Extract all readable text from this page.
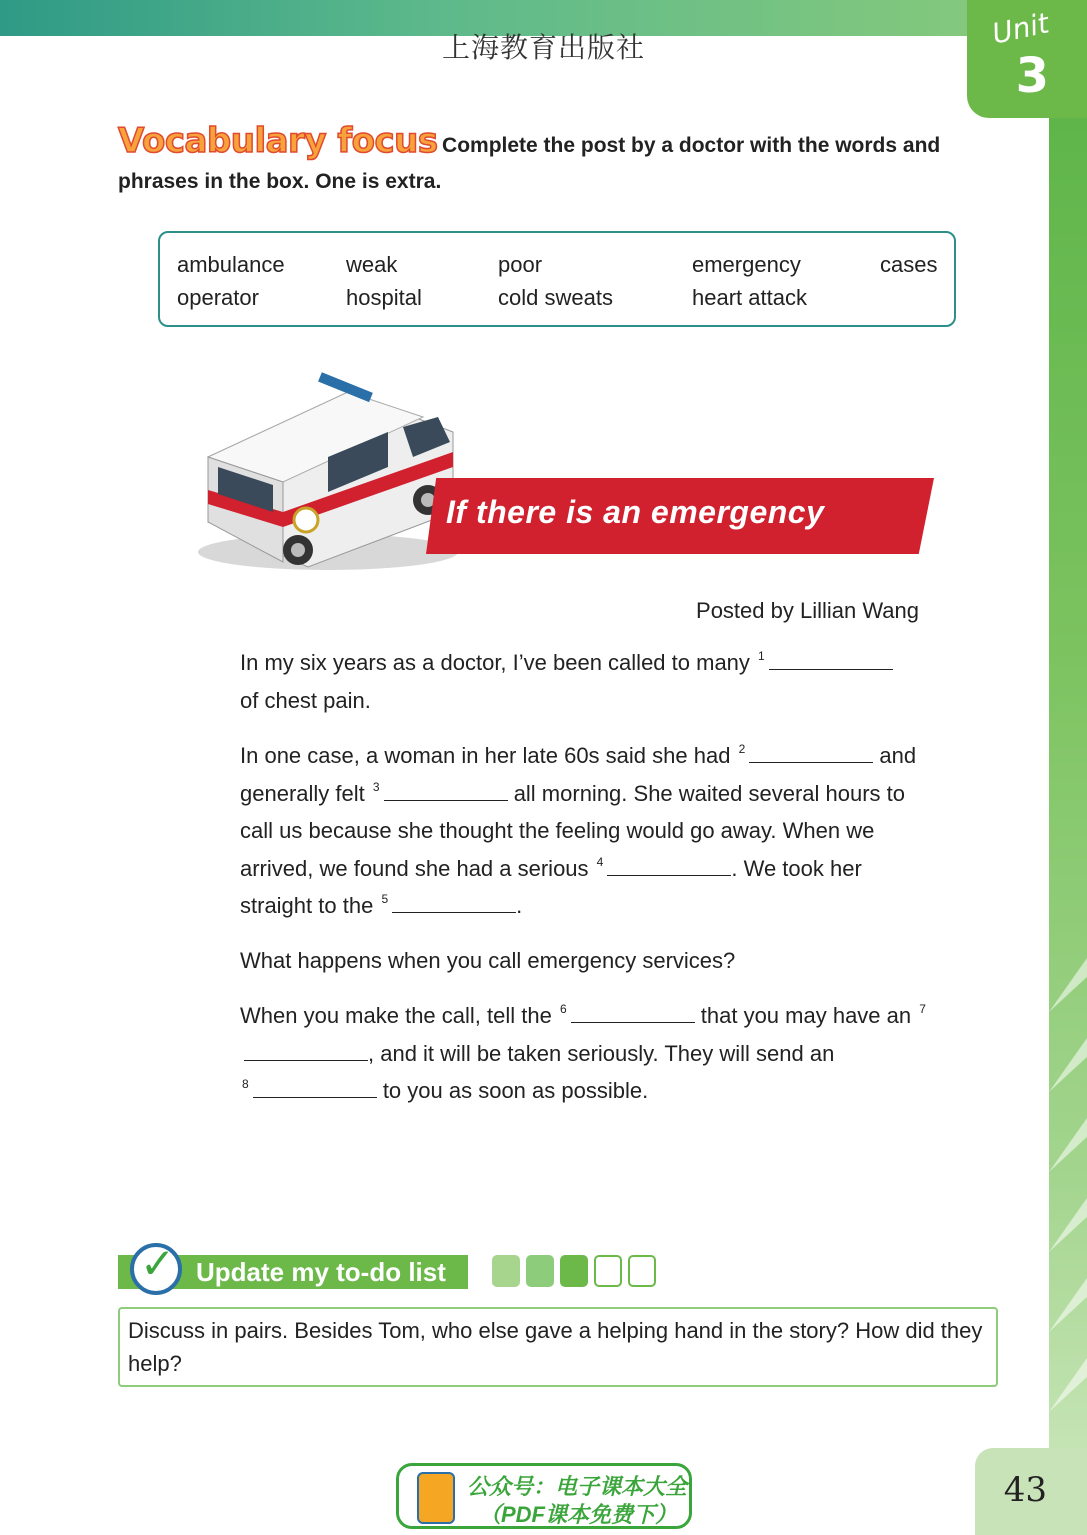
上海教育出版社	Unit
3
Vocabulary focus Complete the post by a doctor with the words and phrases in the box. One is extra.
ambulance	weak	poor	emergency	cases
operator	hospital	cold sweats	heart attack
If there is an emergency
Posted by Lillian Wang
In my six years as a doctor, I’ve been called to many $^1$
of chest pain.
In one case, a woman in her late 60s said she had $^2$	and generally felt $^3$	all morning. She waited several hours to call us because she thought the feeling would go away. When we arrived, we found she had a serious $^4$	. We took her straight to the $^5$	.
What happens when you call emergency services?
When you make the call, tell the $^6$	that you may have an $^7$, and it will be taken seriously. They will send an
$^8$	to you as soon as possible.
✓ Update my to-do list
Discuss in pairs. Besides Tom, who else gave a helping hand in the story? How did they help?
公众号：电子课本大全
（PDF课本免费下）
43
